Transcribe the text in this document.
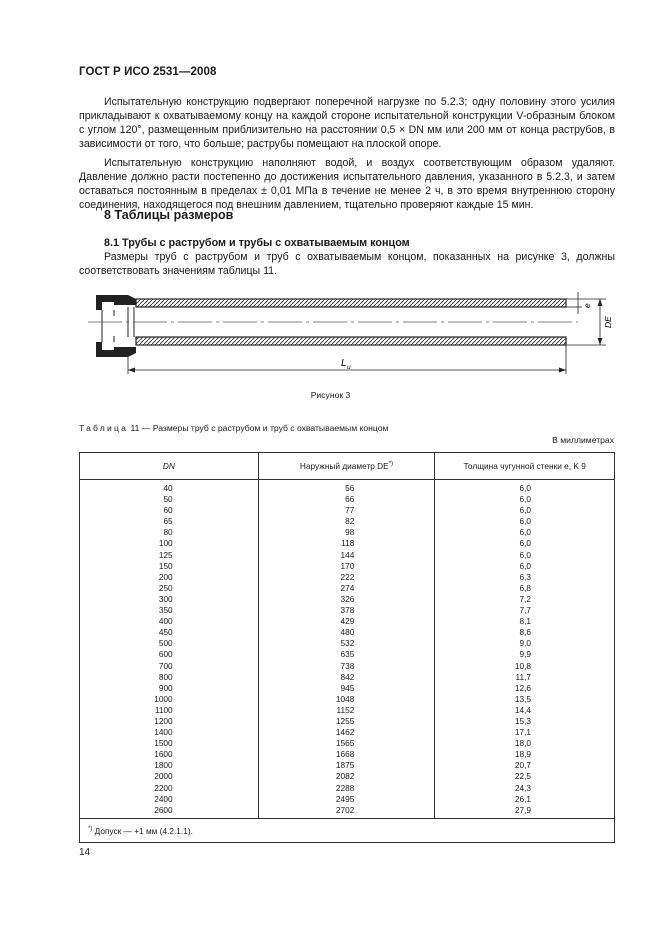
ГОСТ Р ИСО 2531—2008

Испытательную конструкцию подвергают поперечной нагрузке по 5.2.3; одну половину этого усилия прикладывают к охватываемому концу на каждой стороне испытательной конструкции V-образным блоком с углом 120°, размещенным приблизительно на расстоянии 0,5 × DN мм или 200 мм от конца раструбов, в зависимости от того, что больше; раструбы помещают на плоской опоре.

Испытательную конструкцию наполняют водой, и воздух соответствующим образом удаляют. Давление должно расти постепенно до достижения испытательного давления, указанного в 5.2.3, и затем оставаться постоянным в пределах ± 0,01 МПа в течение не менее 2 ч, в это время внутреннюю сторону соединения, находящегося под внешним давлением, тщательно проверяют каждые 15 мин.

8 Таблицы размеров
8.1 Трубы с раструбом и трубы с охватываемым концом

Размеры труб с раструбом и труб с охватываемым концом, показанных на рисунке 3, должны соответствовать значениям таблицы 11.

L u
DE
e
Рисунок 3
Таблица 11 — Размеры труб с раструбом и труб с охватываемым концом
В миллиметрах
DN	Наружный диаметр DE*)	Толщина чугунной стенки e, K 9
40	56	6,0
50	66	6,0
60	77	6,0
65	82	6,0
80	98	6,0
100	118	6,0
125	144	6,0
150	170	6,0
200	222	6,3
250	274	6,8
300	326	7,2
350	378	7,7
400	429	8,1
450	480	8,6
500	532	9,0
600	635	9,9
700	738	10,8
800	842	11,7
900	945	12,6
1000	1048	13,5
1100	1152	14,4
1200	1255	15,3
1400	1462	17,1
1500	1565	18,0
1600	1668	18,9
1800	1875	20,7
2000	2082	22,5
2200	2288	24,3
2400	2495	26,1
2600	2702	27,9
*) Допуск — +1 мм (4.2.1.1).		
14
